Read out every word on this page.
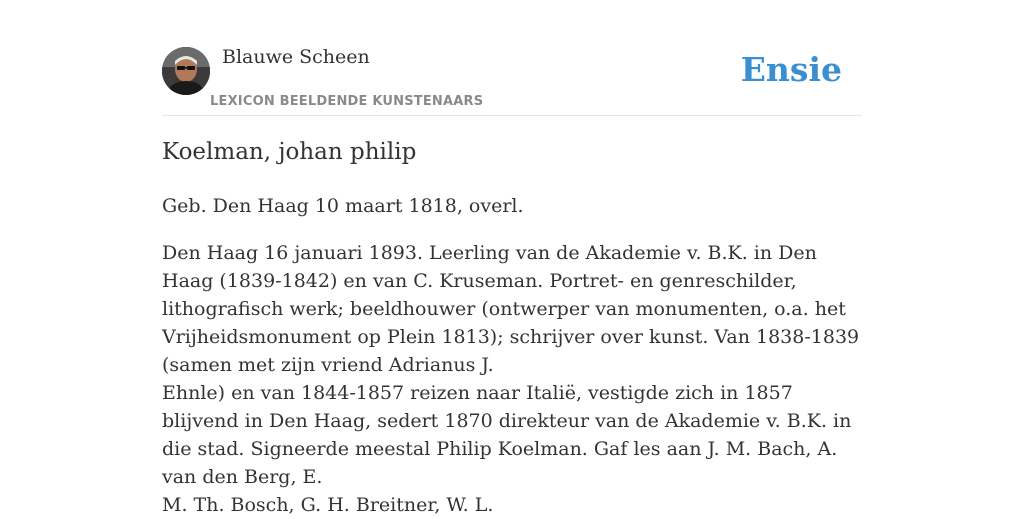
Blauwe Scheen
LEXICON BEELDENDE KUNSTENAARS
Ensie
Koelman, johan philip

Geb. Den Haag 10 maart 1818, overl.

Den Haag 16 januari 1893. Leerling van de Akademie v. B.K. in Den Haag (1839-1842) en van C. Kruseman. Portret- en genreschilder, lithografisch werk; beeldhouwer (ontwerper van monumenten, o.a. het Vrijheidsmonument op Plein 1813); schrijver over kunst. Van 1838-1839 (samen met zijn vriend Adrianus J.

Ehnle) en van 1844-1857 reizen naar Italië, vestigde zich in 1857 blijvend in Den Haag, sedert 1870 direkteur van de Akademie v. B.K. in die stad. Signeerde meestal Philip Koelman. Gaf les aan J. M. Bach, A. van den Berg, E.

M. Th. Bosch, G. H. Breitner, W. L.
